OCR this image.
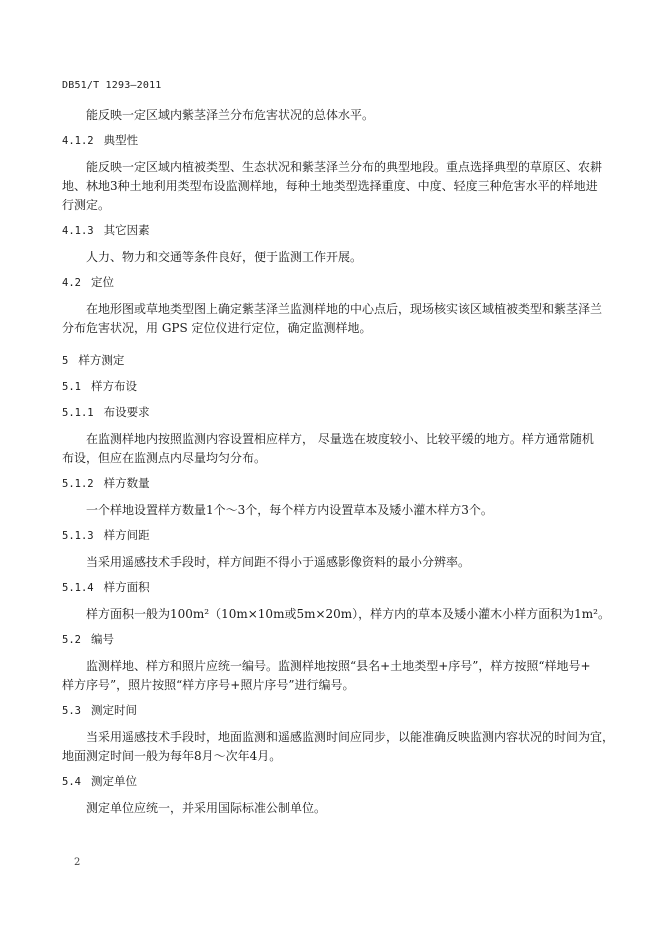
DB51/T 1293—2011

能反映一定区域内紫茎泽兰分布危害状况的总体水平。

4.1.2 典型性

能反映一定区域内植被类型、生态状况和紫茎泽兰分布的典型地段。重点选择典型的草原区、农耕
地、林地3种土地利用类型布设监测样地，每种土地类型选择重度、中度、轻度三种危害水平的样地进
行测定。

4.1.3 其它因素

人力、物力和交通等条件良好，便于监测工作开展。

4.2 定位

在地形图或草地类型图上确定紫茎泽兰监测样地的中心点后，现场核实该区域植被类型和紫茎泽兰
分布危害状况，用 GPS 定位仪进行定位，确定监测样地。

5 样方测定
5.1 样方布设
5.1.1 布设要求

在监测样地内按照监测内容设置相应样方， 尽量选在坡度较小、比较平缓的地方。样方通常随机
布设，但应在监测点内尽量均匀分布。

5.1.2 样方数量

一个样地设置样方数量1个～3个，每个样方内设置草本及矮小灌木样方3个。

5.1.3 样方间距

当采用遥感技术手段时，样方间距不得小于遥感影像资料的最小分辨率。

5.1.4 样方面积

样方面积一般为100m²（10m×10m或5m×20m），样方内的草本及矮小灌木小样方面积为1m²。

5.2 编号

监测样地、样方和照片应统一编号。监测样地按照“县名+土地类型+序号”，样方按照“样地号+
样方序号”，照片按照“样方序号+照片序号”进行编号。

5.3 测定时间

当采用遥感技术手段时，地面监测和遥感监测时间应同步，以能准确反映监测内容状况的时间为宜，
地面测定时间一般为每年8月～次年4月。

5.4 测定单位

测定单位应统一，并采用国际标准公制单位。

2
